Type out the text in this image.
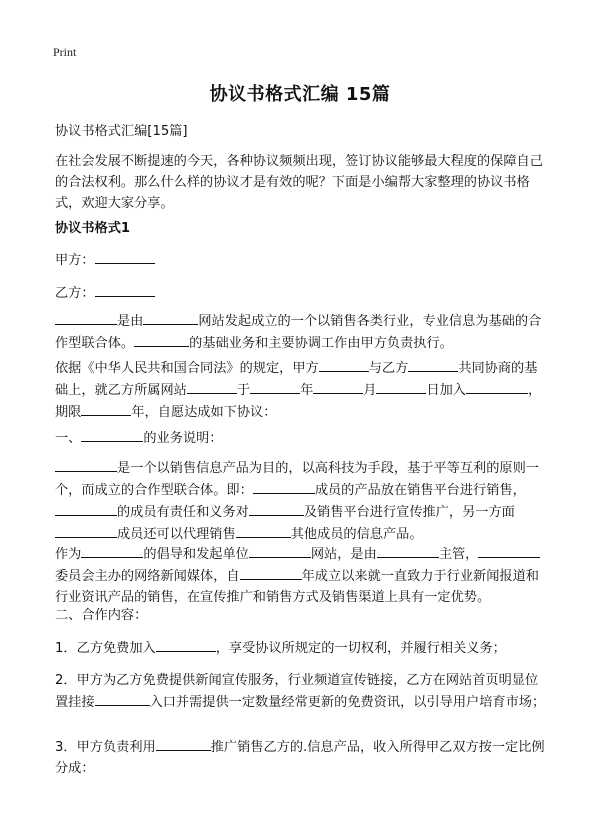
Print
协议书格式汇编 15篇
协议书格式汇编[15篇]
在社会发展不断提速的今天，各种协议频频出现，签订协议能够最大程度的保障自己的合法权利。那么什么样的协议才是有效的呢？下面是小编帮大家整理的协议书格式，欢迎大家分享。
协议书格式1
甲方：
乙方：
是由	网站发起成立的一个以销售各类行业，专业信息为基础的合作型联合体。	的基础业务和主要协调工作由甲方负责执行。
依据《中华人民共和国合同法》的规定，甲方	与乙方	共同协商的基础上，就乙方所属网站	于	年	月	日加入	，期限	年，自愿达成如下协议：
一、	的业务说明：
是一个以销售信息产品为目的，以高科技为手段，基于平等互利的原则一个，而成立的合作型联合体。即：	成员的产品放在销售平台进行销售，的成员有责任和义务对	及销售平台进行宣传推广，另一方面成员还可以代理销售	其他成员的信息产品。
作为	的倡导和发起单位	网站，是由	主管，委员会主办的网络新闻媒体，自	年成立以来就一直致力于行业新闻报道和行业资讯产品的销售，在宣传推广和销售方式及销售渠道上具有一定优势。
二、合作内容：
1．乙方免费加入	，享受协议所规定的一切权利，并履行相关义务；
2．甲方为乙方免费提供新闻宣传服务，行业频道宣传链接，乙方在网站首页明显位置挂接	入口并需提供一定数量经常更新的免费资讯，以引导用户培育市场；
3．甲方负责利用	推广销售乙方的.信息产品，收入所得甲乙双方按一定比例分成：
